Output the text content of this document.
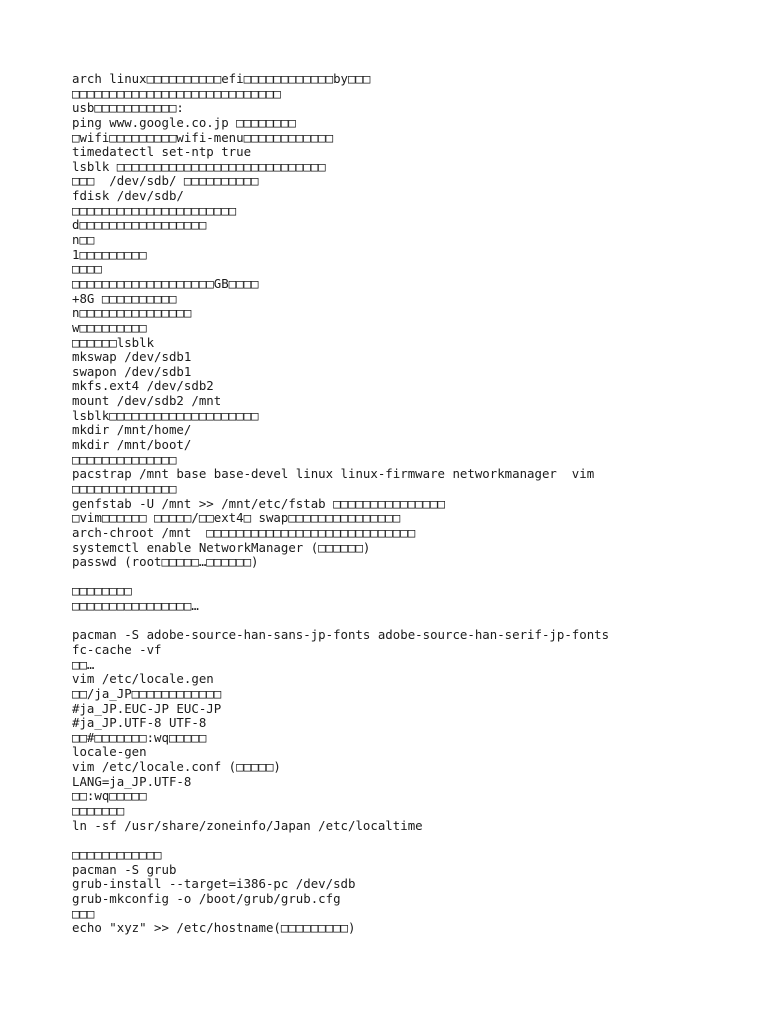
arch linux□□□□□□□□□□efi□□□□□□□□□□□□by□□□
□□□□□□□□□□□□□□□□□□□□□□□□□□□□
usb□□□□□□□□□□□:
ping www.google.co.jp □□□□□□□□
□wifi□□□□□□□□□wifi-menu□□□□□□□□□□□□
timedatectl set-ntp true
lsblk □□□□□□□□□□□□□□□□□□□□□□□□□□□□
□□□  /dev/sdb/ □□□□□□□□□□
fdisk /dev/sdb/
□□□□□□□□□□□□□□□□□□□□□□
d□□□□□□□□□□□□□□□□□
n□□
1□□□□□□□□□
□□□□
□□□□□□□□□□□□□□□□□□□GB□□□□
+8G □□□□□□□□□□
n□□□□□□□□□□□□□□□
w□□□□□□□□□
□□□□□□lsblk
mkswap /dev/sdb1
swapon /dev/sdb1
mkfs.ext4 /dev/sdb2
mount /dev/sdb2 /mnt
lsblk□□□□□□□□□□□□□□□□□□□□
mkdir /mnt/home/
mkdir /mnt/boot/
□□□□□□□□□□□□□□
pacstrap /mnt base base-devel linux linux-firmware networkmanager  vim
□□□□□□□□□□□□□□
genfstab -U /mnt >> /mnt/etc/fstab □□□□□□□□□□□□□□□
□vim□□□□□□ □□□□□/□□ext4□ swap□□□□□□□□□□□□□□□
arch-chroot /mnt  □□□□□□□□□□□□□□□□□□□□□□□□□□□□
systemctl enable NetworkManager (□□□□□□)
passwd (root□□□□□…□□□□□□)
□□□□□□□□
□□□□□□□□□□□□□□□□…
pacman -S adobe-source-han-sans-jp-fonts adobe-source-han-serif-jp-fonts
fc-cache -vf
□□…
vim /etc/locale.gen
□□/ja_JP□□□□□□□□□□□□
#ja_JP.EUC-JP EUC-JP
#ja_JP.UTF-8 UTF-8
□□#□□□□□□□:wq□□□□□
locale-gen
vim /etc/locale.conf (□□□□□)
LANG=ja_JP.UTF-8
□□:wq□□□□□
□□□□□□□
ln -sf /usr/share/zoneinfo/Japan /etc/localtime
□□□□□□□□□□□□
pacman -S grub
grub-install --target=i386-pc /dev/sdb
grub-mkconfig -o /boot/grub/grub.cfg
□□□
echo "xyz" >> /etc/hostname(□□□□□□□□□)
